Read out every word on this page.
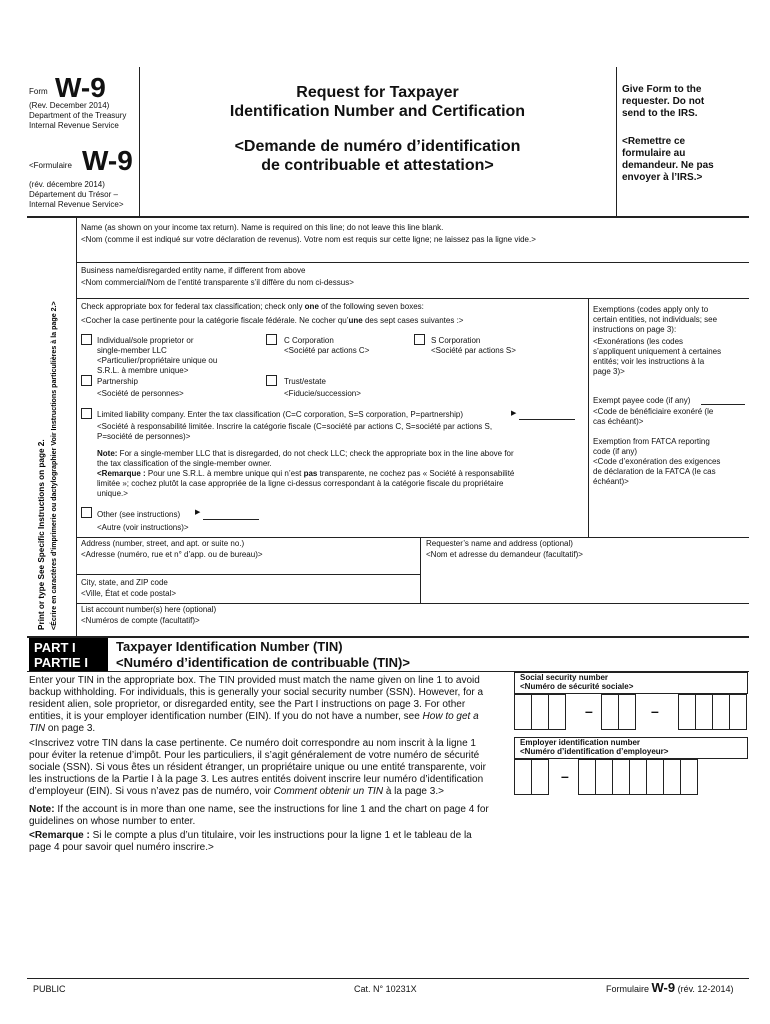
Form W-9
(Rev. December 2014)
Department of the Treasury
Internal Revenue Service
<Formulaire W-9
(rév. décembre 2014)
Département du Trésor –
Internal Revenue Service>
Request for Taxpayer
Identification Number and Certification
<Demande de numéro d’identification
de contribuable et attestation>
Give Form to the
requester. Do not
send to the IRS.
<Remettre ce
formulaire au
demandeur. Ne pas
envoyer à l’IRS.>
Print or type See Specific Instructions on page 2. <Écrire en caractères d’imprimerie ou dactylographier Voir Instructions particulières à la page 2.>
Name (as shown on your income tax return). Name is required on this line; do not leave this line blank.
<Nom (comme il est indiqué sur votre déclaration de revenus). Votre nom est requis sur cette ligne; ne laissez pas la ligne vide.>
Business name/disregarded entity name, if different from above
<Nom commercial/Nom de l’entité transparente s’il diffère du nom ci-dessus>
Check appropriate box for federal tax classification; check only one of the following seven boxes:
<Cocher la case pertinente pour la catégorie fiscale fédérale. Ne cocher qu’une des sept cases suivantes :>
Individual/sole proprietor or
single-member LLC
<Particulier/propriétaire unique ou
S.R.L. à membre unique>
C Corporation
<Société par actions C>
S Corporation
<Société par actions S>
Partnership
<Société de personnes>
Trust/estate
<Fiducie/succession>
Limited liability company. Enter the tax classification (C=C corporation, S=S corporation, P=partnership)	▶
<Société à responsabilité limitée. Inscrire la catégorie fiscale (C=société par actions C, S=société par actions S,
P=société de personnes)>
Note: For a single-member LLC that is disregarded, do not check LLC; check the appropriate box in the line above for
the tax classification of the single-member owner.
<Remarque : Pour une S.R.L. à membre unique qui n’est pas transparente, ne cochez pas « Société à responsabilité
limitée »; cochez plutôt la case appropriée de la ligne ci-dessus correspondant à la catégorie fiscale du propriétaire
unique.>
Other (see instructions) ▶
<Autre (voir instructions)>
Exemptions (codes apply only to
certain entities, not individuals; see
instructions on page 3):
<Exonérations (les codes
s’appliquent uniquement à certaines
entités; voir les instructions à la
page 3)>
Exempt payee code (if any)
<Code de bénéficiaire exonéré (le
cas échéant)>
Exemption from FATCA reporting
code (if any)
<Code d’exonération des exigences
de déclaration de la FATCA (le cas
échéant)>
Address (number, street, and apt. or suite no.)
<Adresse (numéro, rue et n° d’app. ou de bureau)>
Requester’s name and address (optional)
<Nom et adresse du demandeur (facultatif)>
City, state, and ZIP code
<Ville, État et code postal>
List account number(s) here (optional)
<Numéros de compte (facultatif)>
PART I
PARTIE I
Taxpayer Identification Number (TIN)
<Numéro d’identification de contribuable (TIN)>
Enter your TIN in the appropriate box. The TIN provided must match the name given on line 1 to avoid
backup withholding. For individuals, this is generally your social security number (SSN). However, for a
resident alien, sole proprietor, or disregarded entity, see the Part I instructions on page 3. For other
entities, it is your employer identification number (EIN). If you do not have a number, see How to get a
TIN on page 3.
<Inscrivez votre TIN dans la case pertinente. Ce numéro doit correspondre au nom inscrit à la ligne 1
pour éviter la retenue d’impôt. Pour les particuliers, il s’agit généralement de votre numéro de sécurité
sociale (SSN). Si vous êtes un résident étranger, un propriétaire unique ou une entité transparente, voir
les instructions de la Partie I à la page 3. Les autres entités doivent inscrire leur numéro d’identification
d’employeur (EIN). Si vous n’avez pas de numéro, voir Comment obtenir un TIN à la page 3.>
Note: If the account is in more than one name, see the instructions for line 1 and the chart on page 4 for
guidelines on whose number to enter.
<Remarque : Si le compte a plus d’un titulaire, voir les instructions pour la ligne 1 et le tableau de la
page 4 pour savoir quel numéro inscrire.>
Social security number
<Numéro de sécurité sociale>
–	–
Employer identification number
<Numéro d’identification d’employeur>
–
PUBLIC	Cat. N° 10231X	Formulaire W-9 (rév. 12-2014)
